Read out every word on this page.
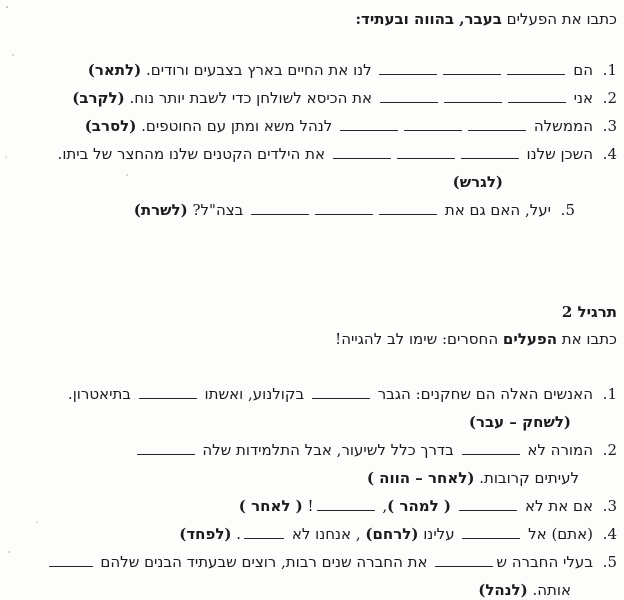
כתבו את הפעלים בעבר, בהווה ובעתיד:
1.
הם  לנו את החיים בארץ בצבעים ורודים. (לתאר)
2.
אני  את הכיסא לשולחן כדי לשבת יותר נוח. (לקרב)
3.
הממשלה  לנהל משא ומתן עם החוטפים. (לסרב)
4.
השכן שלנו  את הילדים הקטנים שלנו מהחצר של ביתו.
(לגרש)
5.
יעל, האם גם את  בצה"ל? (לשרת)
תרגיל 2
כתבו את הפעלים החסרים: שימו לב להגייה!
1.
האנשים האלה הם שחקנים: הגבר  בקולנוע, ואשתו  בתיאטרון.
(לשחק – עבר)
2.
המורה לא  בדרך כלל לשיעור, אבל התלמידות שלה
לעיתים קרובות. (לאחר – הווה )
3.
אם את לא  ( למהר ), ! ( לאחר )
4.
(אתם) אל  עלינו (לרחם) , אנחנו לא . (לפחד)
5.
בעלי החברה ש את החברה שנים רבות, רוצים שבעתיד הבנים שלהם
אותה. (לנהל)
